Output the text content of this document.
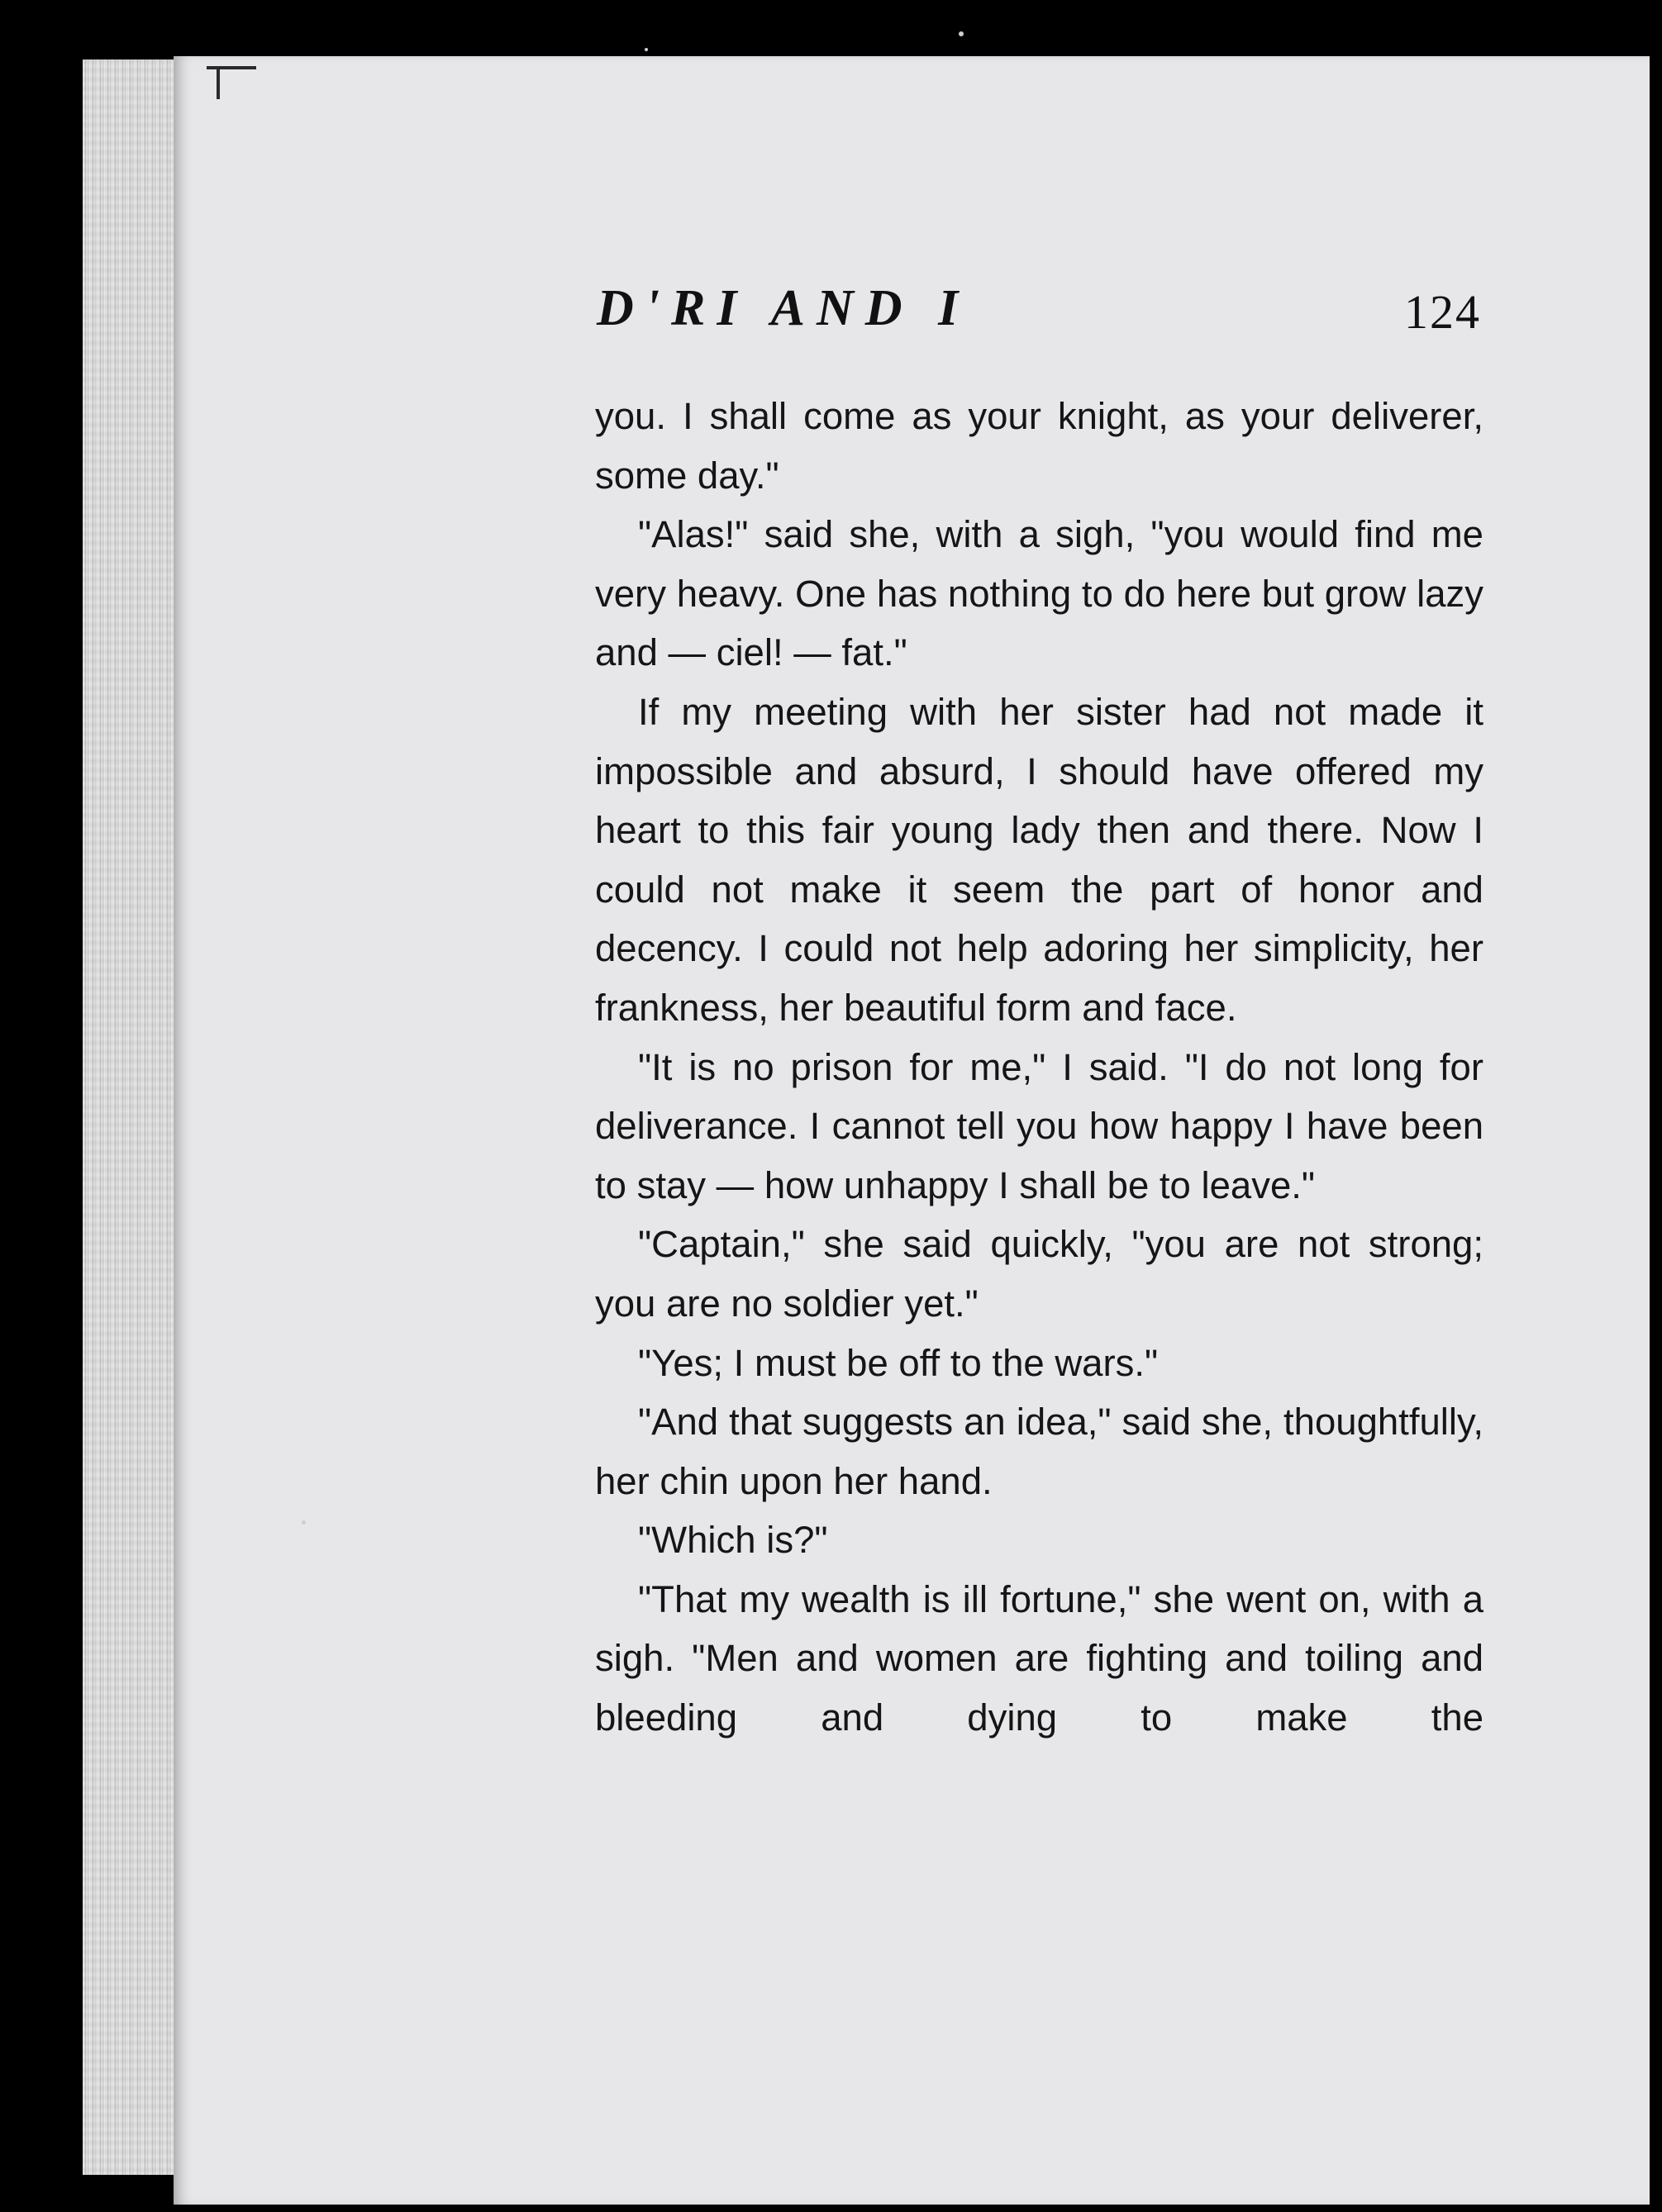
D'RI AND I	124

you. I shall come as your knight, as your deliverer, some day."

"Alas!" said she, with a sigh, "you would find me very heavy. One has nothing to do here but grow lazy and — ciel! — fat."

If my meeting with her sister had not made it impossible and absurd, I should have offered my heart to this fair young lady then and there. Now I could not make it seem the part of honor and decency. I could not help adoring her simplicity, her frankness, her beautiful form and face.

"It is no prison for me," I said. "I do not long for deliverance. I cannot tell you how happy I have been to stay — how unhappy I shall be to leave."

"Captain," she said quickly, "you are not strong; you are no soldier yet."

"Yes; I must be off to the wars."

"And that suggests an idea," said she, thoughtfully, her chin upon her hand.

"Which is?"

"That my wealth is ill fortune," she went on, with a sigh. "Men and women are fighting and toiling and bleeding and dying to make the
